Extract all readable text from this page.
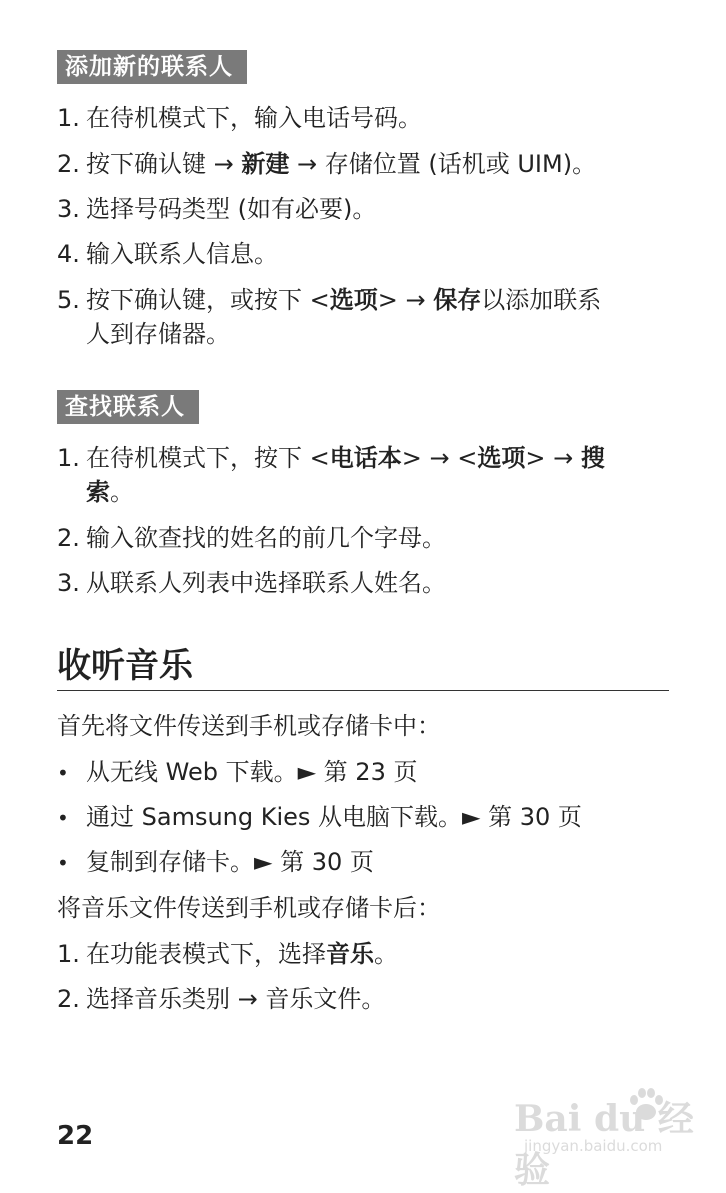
添加新的联系人
1. 在待机模式下，输入电话号码。
2. 按下确认键 → 新建 → 存储位置 (话机或 UIM)。
3. 选择号码类型 (如有必要)。
4. 输入联系人信息。
5. 按下确认键，或按下 <选项> → 保存以添加联系
人到存储器。
查找联系人
1. 在待机模式下，按下 <电话本> → <选项> → 搜
索。
2. 输入欲查找的姓名的前几个字母。
3. 从联系人列表中选择联系人姓名。
收听音乐
首先将文件传送到手机或存储卡中：
• 从无线 Web 下载。► 第 23 页
• 通过 Samsung Kies 从电脑下载。► 第 30 页
• 复制到存储卡。► 第 30 页
将音乐文件传送到手机或存储卡后：
1. 在功能表模式下，选择音乐。
2. 选择音乐类别 → 音乐文件。
22	Bai du 经验
jingyan.baidu.com
